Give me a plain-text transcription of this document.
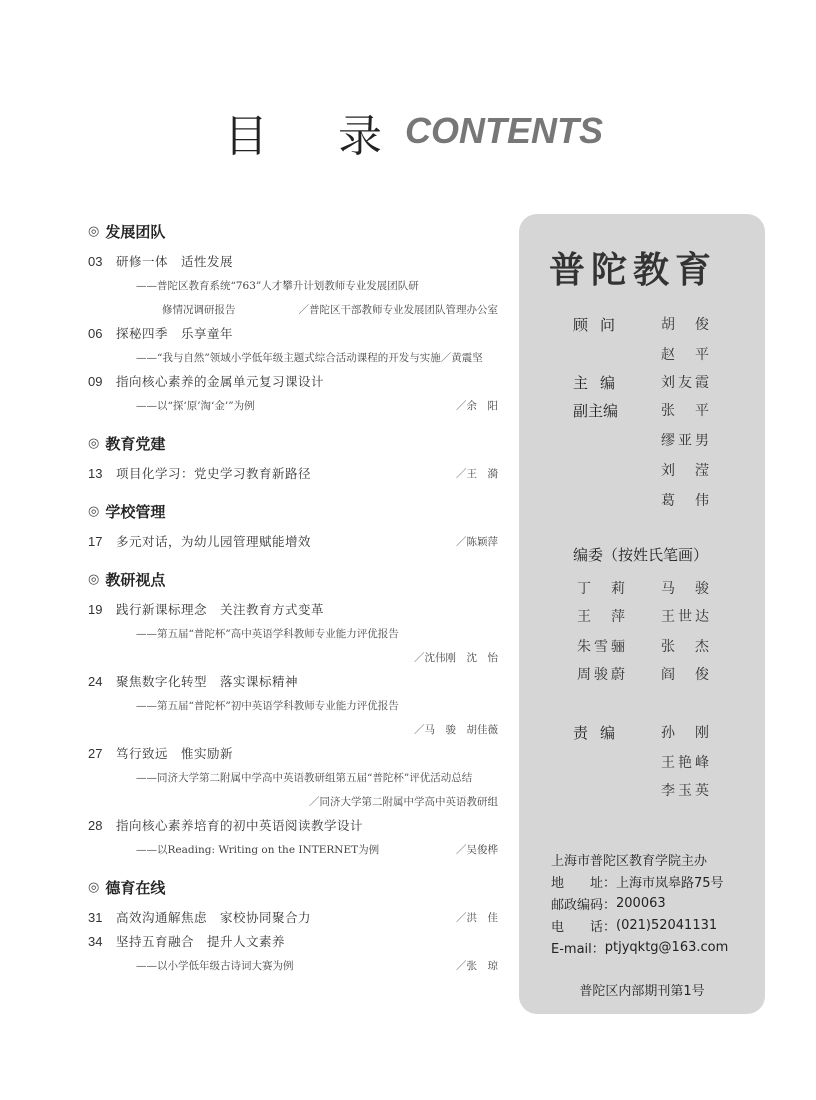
目 录
CONTENTS
◎ 发展团队
03	研修一体　适性发展
——普陀区教育系统“763”人才攀升计划教师专业发展团队研
修情况调研报告	／普陀区干部教师专业发展团队管理办公室
06	探秘四季　乐享童年
——“我与自然”领域小学低年级主题式综合活动课程的开发与实施／黄震坚
09	指向核心素养的金属单元复习课设计
——以“探‘原’淘‘金’”为例	／余　阳
◎ 教育党建
13	项目化学习：党史学习教育新路径	／王　漪
◎ 学校管理
17	多元对话，为幼儿园管理赋能增效	／陈颖萍
◎ 教研视点
19	践行新课标理念　关注教育方式变革
——第五届“普陀杯”高中英语学科教师专业能力评优报告
／沈伟刚　沈　怡
24	聚焦数字化转型　落实课标精神
——第五届“普陀杯”初中英语学科教师专业能力评优报告
／马　骏　胡佳薇
27	笃行致远　惟实励新
——同济大学第二附属中学高中英语教研组第五届“普陀杯”评优活动总结
／同济大学第二附属中学高中英语教研组
28	指向核心素养培育的初中英语阅读教学设计
——以Reading: Writing on the INTERNET为例	／吴俊桦
◎ 德育在线
31	高效沟通解焦虑　家校协同聚合力	／洪　佳
34	坚持五育融合　提升人文素养
——以小学低年级古诗词大赛为例	／张　琼
普陀教育
顾问	胡　俊
赵　平
主编	刘友霞
副主编	张　平
缪亚男
刘　滢
葛　伟
编委（按姓氏笔画）
丁　莉	马　骏
王　萍	王世达
朱雪骊	张　杰
周骏蔚	阎　俊
责编	孙　刚
王艳峰
李玉英
上海市普陀区教育学院主办
地　　址： 上海市岚皋路75号
邮政编码： 200063
电　　话： (021)52041131
E-mail： ptjyqktg@163.com
普陀区内部期刊第1号
